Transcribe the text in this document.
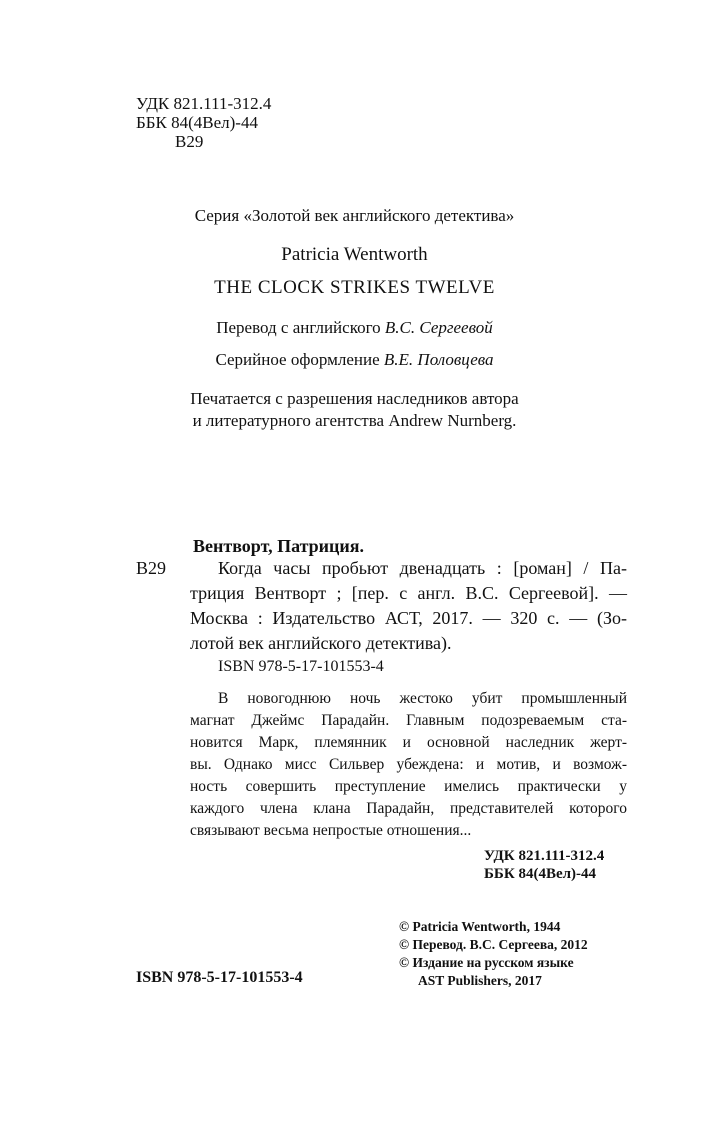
УДК 821.111-312.4
ББК 84(4Вел)-44
В29
Серия «Золотой век английского детектива»
Patricia Wentworth
THE CLOCK STRIKES TWELVE
Перевод с английского В.С. Сергеевой
Серийное оформление В.Е. Половцева
Печатается с разрешения наследников автора
и литературного агентства Andrew Nurnberg.
Вентворт, Патриция.
В29	Когда часы пробьют двенадцать : [роман] / Па-
триция Вентворт ; [пер. с англ. В.С. Сергеевой]. —
Москва : Издательство АСТ, 2017. — 320 с. — (Зо-
лотой век английского детектива).
ISBN 978-5-17-101553-4
В новогоднюю ночь жестоко убит промышленный
магнат Джеймс Парадайн. Главным подозреваемым ста-
новится Марк, племянник и основной наследник жерт-
вы. Однако мисс Сильвер убеждена: и мотив, и возмож-
ность совершить преступление имелись практически у
каждого члена клана Парадайн, представителей которого
связывают весьма непростые отношения...
УДК 821.111-312.4
ББК 84(4Вел)-44
ISBN 978-5-17-101553-4
© Patricia Wentworth, 1944
© Перевод. В.С. Сергеева, 2012
© Издание на русском языке
AST Publishers, 2017
